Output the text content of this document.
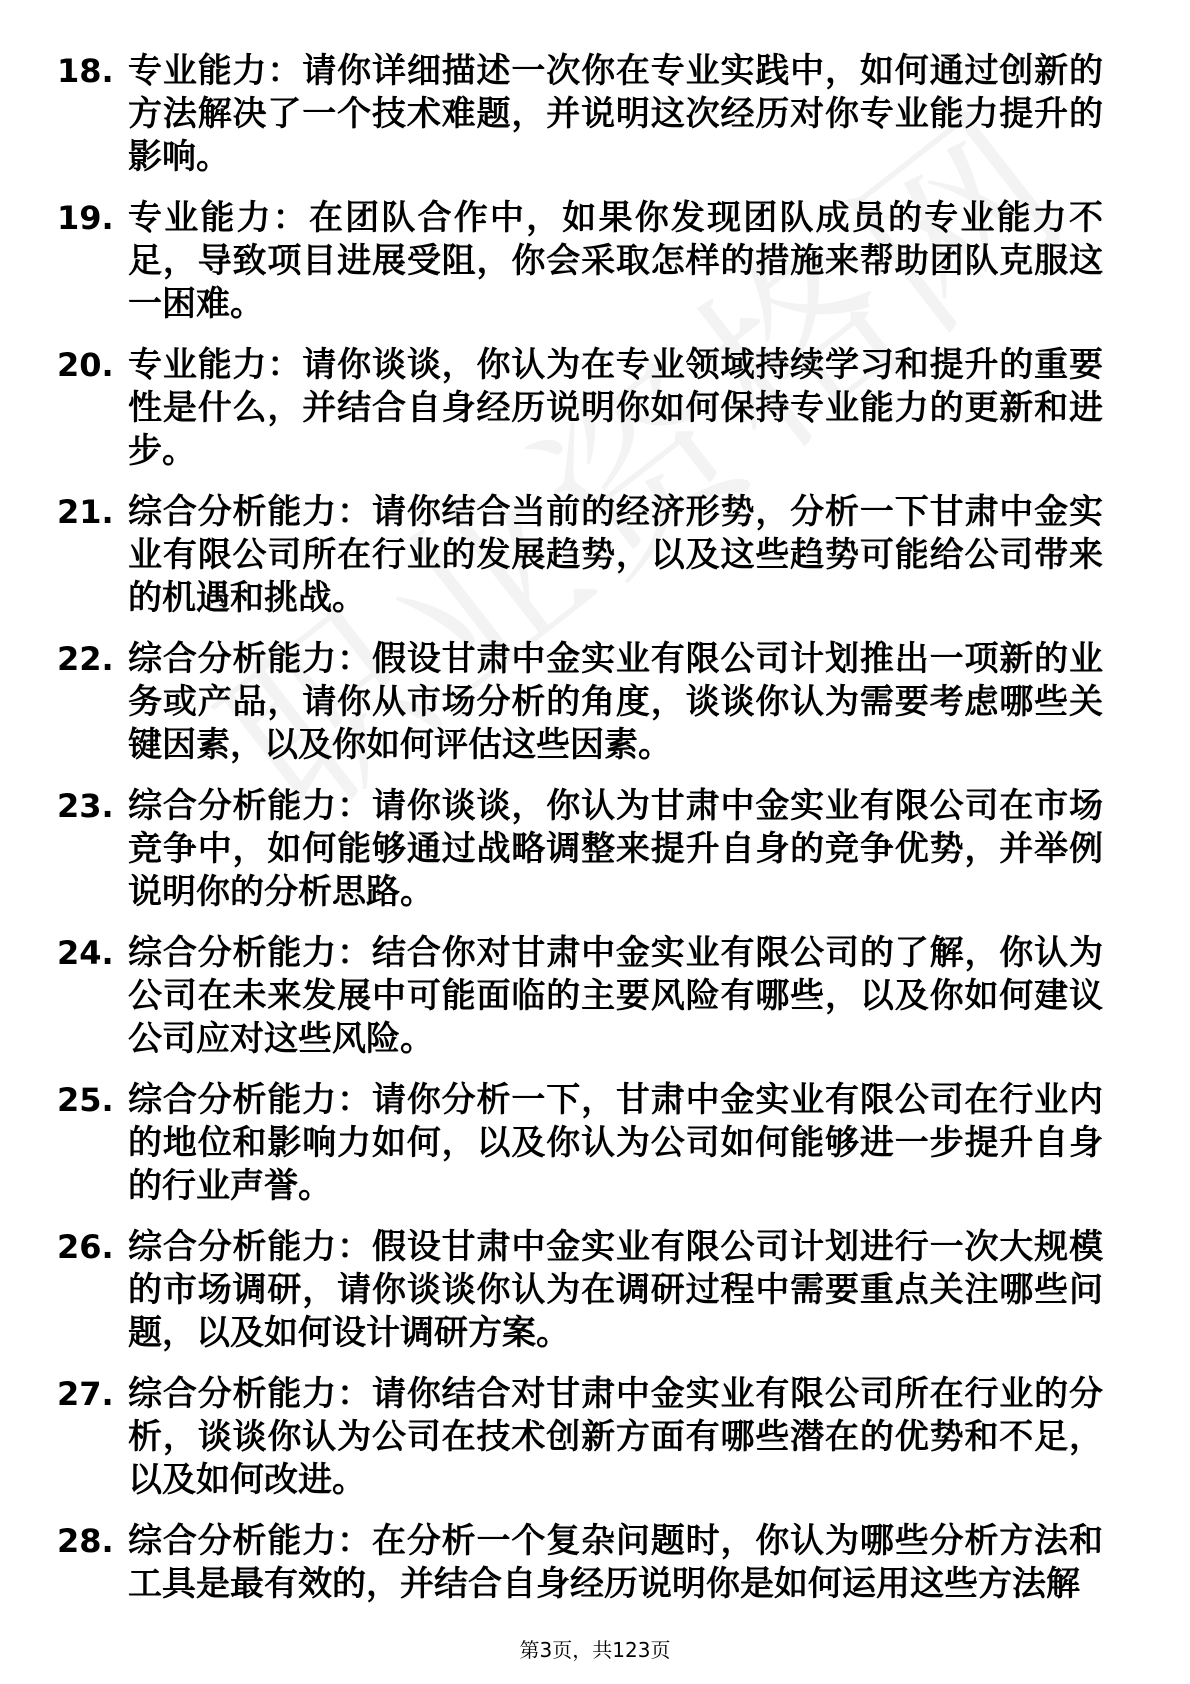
18. 专业能力：请你详细描述一次你在专业实践中，如何通过创新的方法解决了一个技术难题，并说明这次经历对你专业能力提升的影响。
19. 专业能力：在团队合作中，如果你发现团队成员的专业能力不足，导致项目进展受阻，你会采取怎样的措施来帮助团队克服这一困难。
20. 专业能力：请你谈谈，你认为在专业领域持续学习和提升的重要性是什么，并结合自身经历说明你如何保持专业能力的更新和进步。
21. 综合分析能力：请你结合当前的经济形势，分析一下甘肃中金实业有限公司所在行业的发展趋势，以及这些趋势可能给公司带来的机遇和挑战。
22. 综合分析能力：假设甘肃中金实业有限公司计划推出一项新的业务或产品，请你从市场分析的角度，谈谈你认为需要考虑哪些关键因素，以及你如何评估这些因素。
23. 综合分析能力：请你谈谈，你认为甘肃中金实业有限公司在市场竞争中，如何能够通过战略调整来提升自身的竞争优势，并举例说明你的分析思路。
24. 综合分析能力：结合你对甘肃中金实业有限公司的了解，你认为公司在未来发展中可能面临的主要风险有哪些，以及你如何建议公司应对这些风险。
25. 综合分析能力：请你分析一下，甘肃中金实业有限公司在行业内的地位和影响力如何，以及你认为公司如何能够进一步提升自身的行业声誉。
26. 综合分析能力：假设甘肃中金实业有限公司计划进行一次大规模的市场调研，请你谈谈你认为在调研过程中需要重点关注哪些问题，以及如何设计调研方案。
27. 综合分析能力：请你结合对甘肃中金实业有限公司所在行业的分析，谈谈你认为公司在技术创新方面有哪些潜在的优势和不足，以及如何改进。
28. 综合分析能力：在分析一个复杂问题时，你认为哪些分析方法和工具是最有效的，并结合自身经历说明你是如何运用这些方法解
第3页，共123页
